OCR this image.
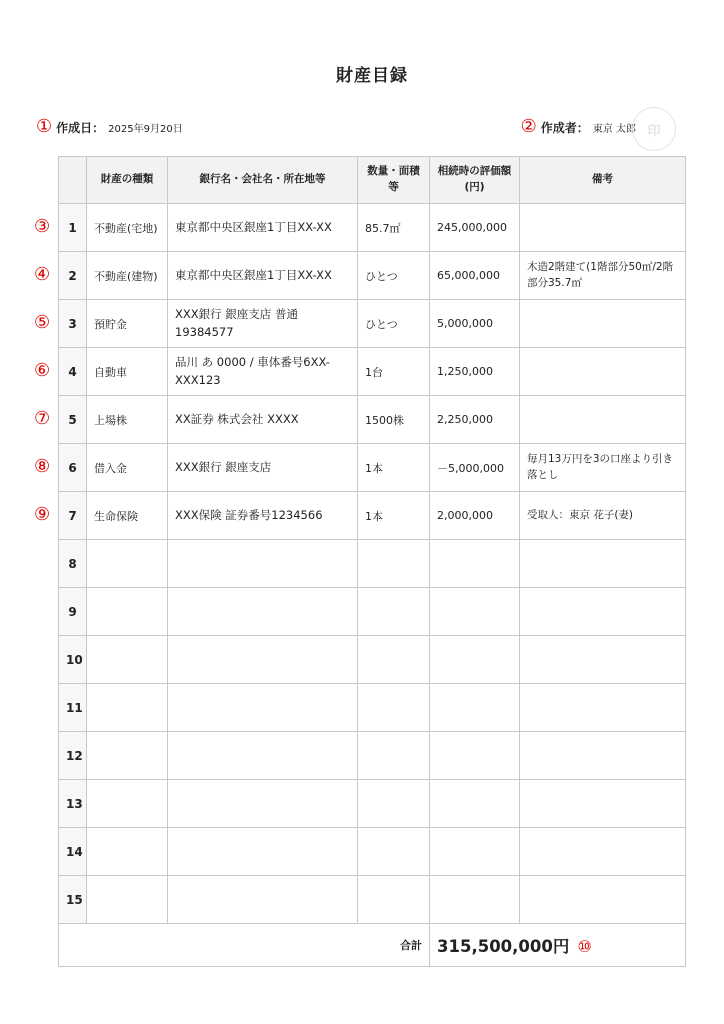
財産目録
① 作成日： 2025年9月20日	② 作成者： 東京 太郎 印
	財産の種類	銀行名・会社名・所在地等	数量・面積等	相続時の評価額(円)	備考
1	不動産(宅地)	東京都中央区銀座1丁目XX-XX	85.7㎡	245,000,000	
2	不動産(建物)	東京都中央区銀座1丁目XX-XX	ひとつ	65,000,000	木造2階建て(1階部分50㎡/2階部分35.7㎡
3	預貯金	XXX銀行 銀座支店 普通 19384577	ひとつ	5,000,000	
4	自動車	品川 あ 0000 / 車体番号6XX-XXX123	1台	1,250,000	
5	上場株	XX証券 株式会社 XXXX	1500株	2,250,000	
6	借入金	XXX銀行 銀座支店	1本	－5,000,000	毎月13万円を3の口座より引き落とし
7	生命保険	XXX保険 証券番号1234566	1本	2,000,000	受取人：東京 花子(妻)
8					
9					
10					
11					
12					
13					
14					
15					
合計				315,500,000円 ⑩	
③
④
⑤
⑥
⑦
⑧
⑨
